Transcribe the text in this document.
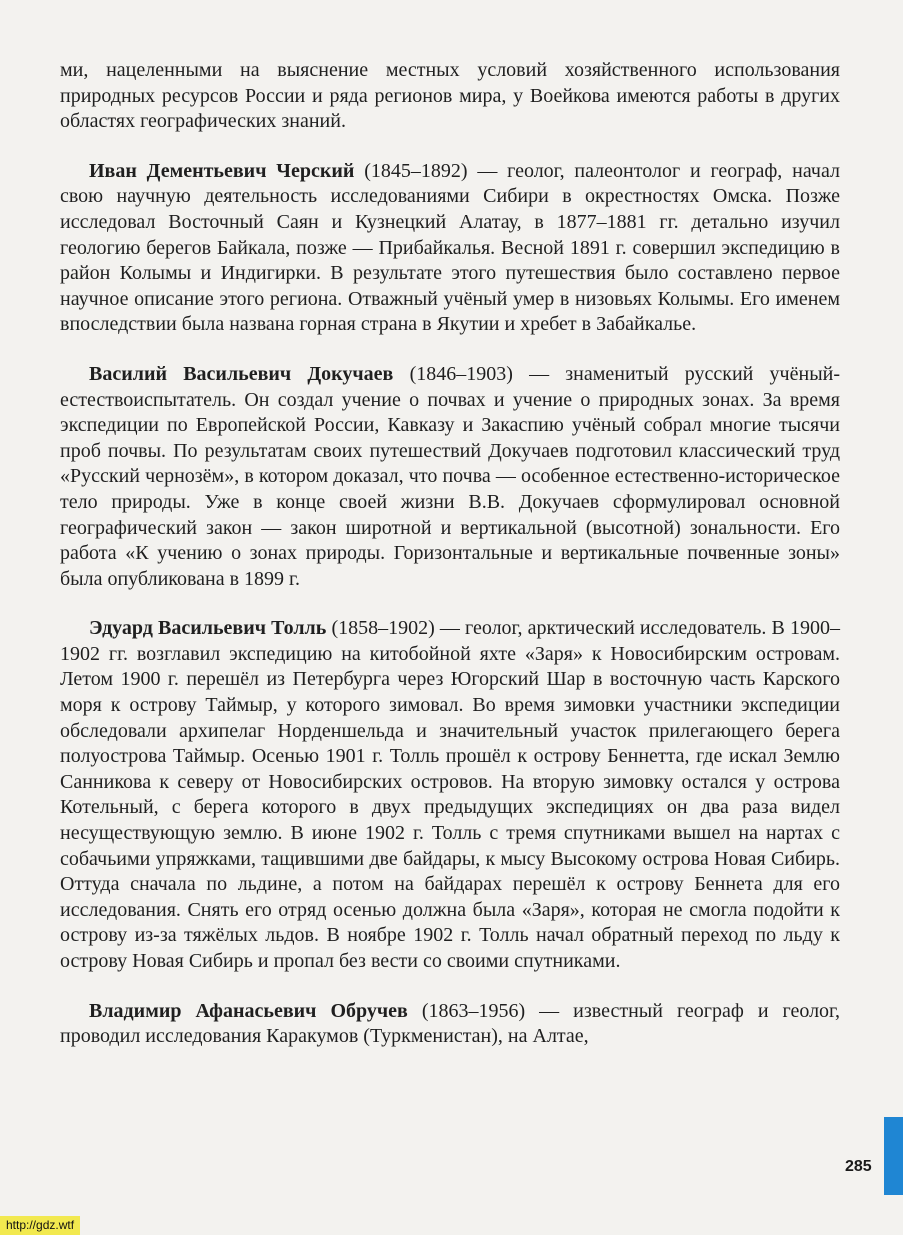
ми, нацеленными на выяснение местных условий хозяйственного использования природных ресурсов России и ряда регионов мира, у Воейкова имеются работы в других областях географических знаний.

Иван Дементьевич Черский (1845–1892) — геолог, палеонтолог и географ, начал свою научную деятельность исследованиями Сибири в окрестностях Омска. Позже исследовал Восточный Саян и Кузнецкий Алатау, в 1877–1881 гг. детально изучил геологию берегов Байкала, позже — Прибайкалья. Весной 1891 г. совершил экспедицию в район Колымы и Индигирки. В результате этого путешествия было составлено первое научное описание этого региона. Отважный учёный умер в низовьях Колымы. Его именем впоследствии была названа горная страна в Якутии и хребет в Забайкалье.

Василий Васильевич Докучаев (1846–1903) — знаменитый русский учёный-естествоиспытатель. Он создал учение о почвах и учение о природных зонах. За время экспедиции по Европейской России, Кавказу и Закаспию учёный собрал многие тысячи проб почвы. По результатам своих путешествий Докучаев подготовил классический труд «Русский чернозём», в котором доказал, что почва — особенное естественно-историческое тело природы. Уже в конце своей жизни В.В. Докучаев сформулировал основной географический закон — закон широтной и вертикальной (высотной) зональности. Его работа «К учению о зонах природы. Горизонтальные и вертикальные почвенные зоны» была опубликована в 1899 г.

Эдуард Васильевич Толль (1858–1902) — геолог, арктический исследователь. В 1900–1902 гг. возглавил экспедицию на китобойной яхте «Заря» к Новосибирским островам. Летом 1900 г. перешёл из Петербурга через Югорский Шар в восточную часть Карского моря к острову Таймыр, у которого зимовал. Во время зимовки участники экспедиции обследовали архипелаг Норденшельда и значительный участок прилегающего берега полуострова Таймыр. Осенью 1901 г. Толль прошёл к острову Беннетта, где искал Землю Санникова к северу от Новосибирских островов. На вторую зимовку остался у острова Котельный, с берега которого в двух предыдущих экспедициях он два раза видел несуществующую землю. В июне 1902 г. Толль с тремя спутниками вышел на нартах с собачьими упряжками, тащившими две байдары, к мысу Высокому острова Новая Сибирь. Оттуда сначала по льдине, а потом на байдарах перешёл к острову Беннета для его исследования. Снять его отряд осенью должна была «Заря», которая не смогла подойти к острову из-за тяжёлых льдов. В ноябре 1902 г. Толль начал обратный переход по льду к острову Новая Сибирь и пропал без вести со своими спутниками.

Владимир Афанасьевич Обручев (1863–1956) — известный географ и геолог, проводил исследования Каракумов (Туркменистан), на Алтае,

285
http://gdz.wtf
